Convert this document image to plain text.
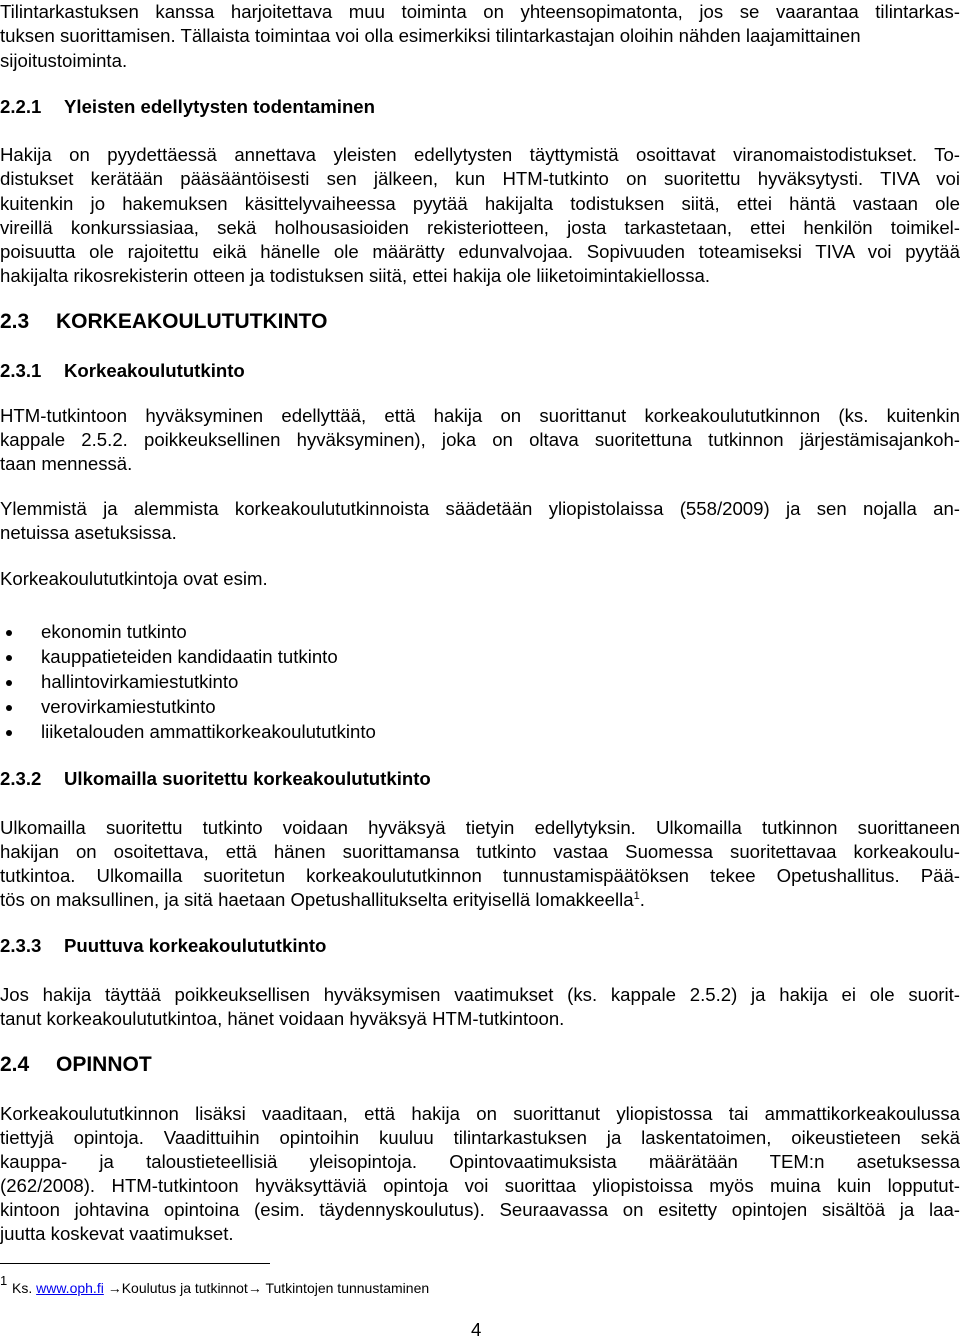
Tilintarkastuksen kanssa harjoitettava muu toiminta on yhteensopimatonta, jos se vaarantaa tilintarkas-

tuksen suorittamisen. Tällaista toimintaa voi olla esimerkiksi tilintarkastajan oloihin nähden laajamittainen

sijoitustoiminta.

2.2.1 Yleisten edellytysten todentaminen

Hakija on pyydettäessä annettava yleisten edellytysten täyttymistä osoittavat viranomaistodistukset. To-

distukset kerätään pääsääntöisesti sen jälkeen, kun HTM-tutkinto on suoritettu hyväksytysti. TIVA voi

kuitenkin jo hakemuksen käsittelyvaiheessa pyytää hakijalta todistuksen siitä, ettei häntä vastaan ole

vireillä konkurssiasiaa, sekä holhousasioiden rekisteriotteen, josta tarkastetaan, ettei henkilön toimikel-

poisuutta ole rajoitettu eikä hänelle ole määrätty edunvalvojaa. Sopivuuden toteamiseksi TIVA voi pyytää

hakijalta rikosrekisterin otteen ja todistuksen siitä, ettei hakija ole liiketoimintakiellossa.

2.3 KORKEAKOULUTUTKINTO
2.3.1 Korkeakoulututkinto

HTM-tutkintoon hyväksyminen edellyttää, että hakija on suorittanut korkeakoulututkinnon (ks. kuitenkin

kappale 2.5.2. poikkeuksellinen hyväksyminen), joka on oltava suoritettuna tutkinnon järjestämisajankoh-

taan mennessä.

Ylemmistä ja alemmista korkeakoulututkinnoista säädetään yliopistolaissa (558/2009) ja sen nojalla an-

netuissa asetuksissa.

Korkeakoulututkintoja ovat esim.

ekonomin tutkinto
kauppatieteiden kandidaatin tutkinto
hallintovirkamiestutkinto
verovirkamiestutkinto
liiketalouden ammattikorkeakoulututkinto
2.3.2 Ulkomailla suoritettu korkeakoulututkinto

Ulkomailla suoritettu tutkinto voidaan hyväksyä tietyin edellytyksin. Ulkomailla tutkinnon suorittaneen

hakijan on osoitettava, että hänen suorittamansa tutkinto vastaa Suomessa suoritettavaa korkeakoulu-

tutkintoa. Ulkomailla suoritetun korkeakoulututkinnon tunnustamispäätöksen tekee Opetushallitus. Pää-

tös on maksullinen, ja sitä haetaan Opetushallitukselta erityisellä lomakkeella$^1$.

2.3.3 Puuttuva korkeakoulututkinto

Jos hakija täyttää poikkeuksellisen hyväksymisen vaatimukset (ks. kappale 2.5.2) ja hakija ei ole suorit-

tanut korkeakoulututkintoa, hänet voidaan hyväksyä HTM-tutkintoon.

2.4 OPINNOT

Korkeakoulututkinnon lisäksi vaaditaan, että hakija on suorittanut yliopistossa tai ammattikorkeakoulussa

tiettyjä opintoja. Vaadittuihin opintoihin kuuluu tilintarkastuksen ja laskentatoimen, oikeustieteen sekä

kauppa- ja taloustieteellisiä yleisopintoja. Opintovaatimuksista määrätään TEM:n asetuksessa

(262/2008). HTM-tutkintoon hyväksyttäviä opintoja voi suorittaa yliopistoissa myös muina kuin lopputut-

kintoon johtavina opintoina (esim. täydennyskoulutus). Seuraavassa on esitetty opintojen sisältöä ja laa-

juutta koskevat vaatimukset.

1 Ks. www.oph.fi →Koulutus ja tutkinnot→ Tutkintojen tunnustaminen
4
